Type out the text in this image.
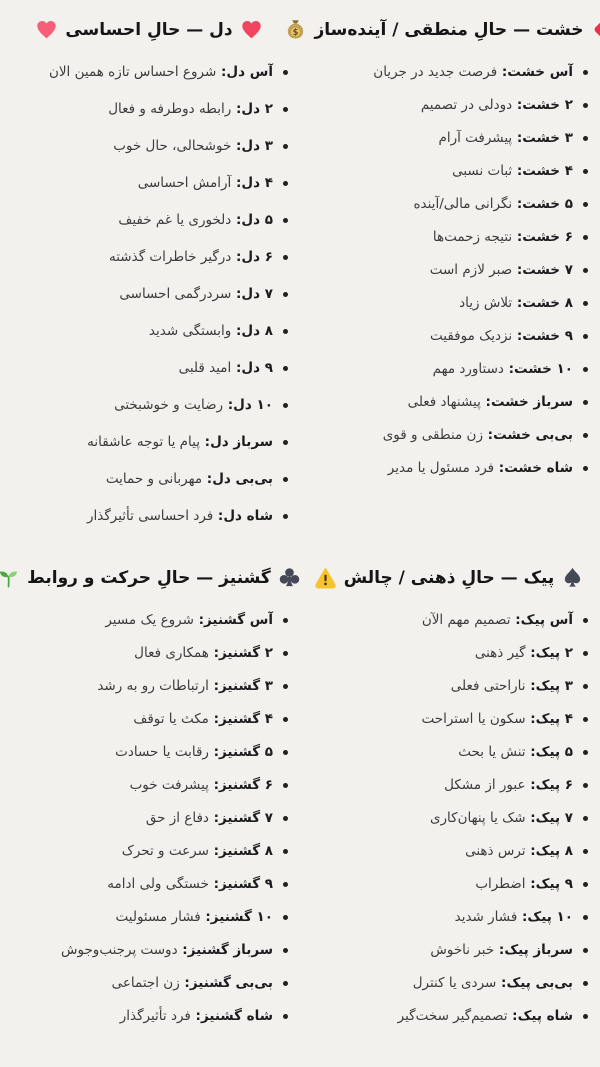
خشت — حالِ منطقی / آینده‌ساز
$
آس خشت: فرصت جدید در جریان
۲ خشت: دودلی در تصمیم
۳ خشت: پیشرفت آرام
۴ خشت: ثبات نسبی
۵ خشت: نگرانی مالی/آینده
۶ خشت: نتیجه زحمت‌ها
۷ خشت: صبر لازم است
۸ خشت: تلاش زیاد
۹ خشت: نزدیک موفقیت
۱۰ خشت: دستاورد مهم
سرباز خشت: پیشنهاد فعلی
بی‌بی خشت: زن منطقی و قوی
شاه خشت: فرد مسئول یا مدیر
دل — حالِ احساسی
آس دل: شروع احساس تازه همین الان
۲ دل: رابطه دوطرفه و فعال
۳ دل: خوشحالی، حال خوب
۴ دل: آرامش احساسی
۵ دل: دلخوری یا غم خفیف
۶ دل: درگیر خاطرات گذشته
۷ دل: سردرگمی احساسی
۸ دل: وابستگی شدید
۹ دل: امید قلبی
۱۰ دل: رضایت و خوشبختی
سرباز دل: پیام یا توجه عاشقانه
بی‌بی دل: مهربانی و حمایت
شاه دل: فرد احساسی تأثیرگذار
پیک — حالِ ذهنی / چالش
آس پیک: تصمیم مهم الآن
۲ پیک: گیر ذهنی
۳ پیک: ناراحتی فعلی
۴ پیک: سکون یا استراحت
۵ پیک: تنش یا بحث
۶ پیک: عبور از مشکل
۷ پیک: شک یا پنهان‌کاری
۸ پیک: ترس ذهنی
۹ پیک: اضطراب
۱۰ پیک: فشار شدید
سرباز پیک: خبر ناخوش
بی‌بی پیک: سردی یا کنترل
شاه پیک: تصمیم‌گیر سخت‌گیر
گشنیز — حالِ حرکت و روابط
آس گشنیز: شروع یک مسیر
۲ گشنیز: همکاری فعال
۳ گشنیز: ارتباطات رو به رشد
۴ گشنیز: مکث یا توقف
۵ گشنیز: رقابت یا حسادت
۶ گشنیز: پیشرفت خوب
۷ گشنیز: دفاع از حق
۸ گشنیز: سرعت و تحرک
۹ گشنیز: خستگی ولی ادامه
۱۰ گشنیز: فشار مسئولیت
سرباز گشنیز: دوست پرجنب‌وجوش
بی‌بی گشنیز: زن اجتماعی
شاه گشنیز: فرد تأثیرگذار
